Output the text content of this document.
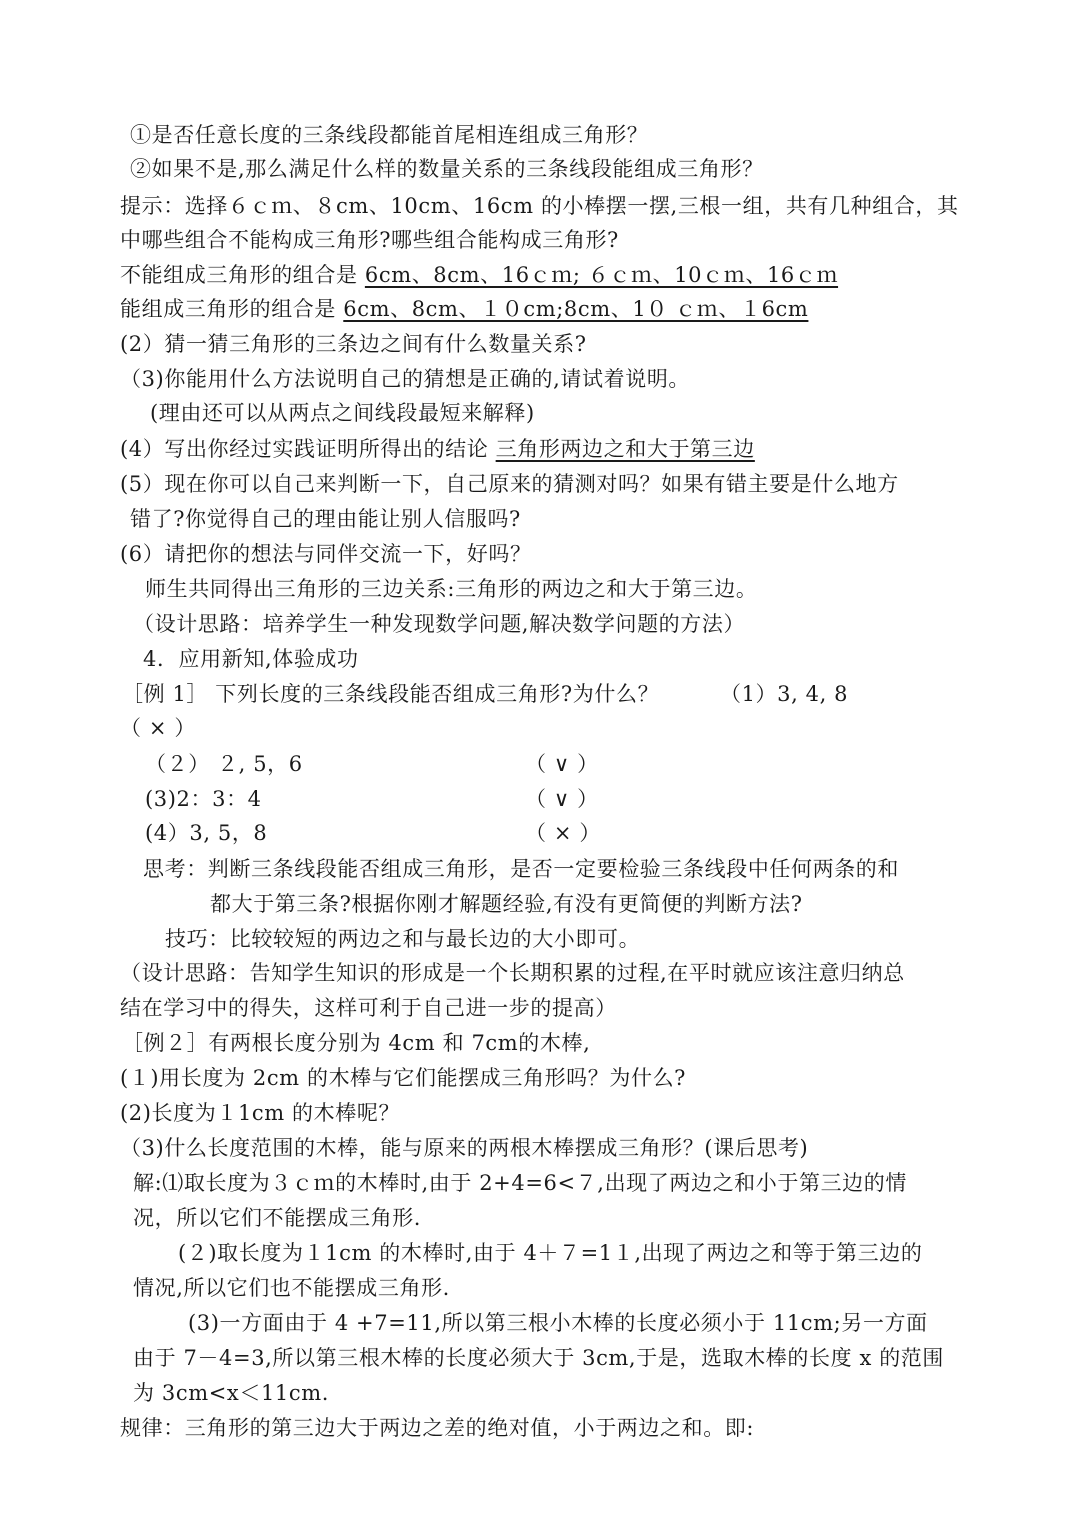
①是否任意长度的三条线段都能首尾相连组成三角形？
②如果不是,那么满足什么样的数量关系的三条线段能组成三角形？
提示：选择６ｃｍ、８cm、10cm、16cm 的小棒摆一摆,三根一组，共有几种组合，其
中哪些组合不能构成三角形?哪些组合能构成三角形?
不能组成三角形的组合是 6cm、8cm、16ｃｍ; ６ｃｍ、10ｃｍ、16ｃｍ
能组成三角形的组合是 6cm、8cm、１０cm;8cm、1０ ｃｍ、１6cm
(2）猜一猜三角形的三条边之间有什么数量关系?
（3)你能用什么方法说明自己的猜想是正确的,请试着说明。
(理由还可以从两点之间线段最短来解释)
(4）写出你经过实践证明所得出的结论 三角形两边之和大于第三边
(5）现在你可以自己来判断一下，自己原来的猜测对吗？如果有错主要是什么地方
错了?你觉得自己的理由能让别人信服吗?
(6）请把你的想法与同伴交流一下，好吗？
师生共同得出三角形的三边关系:三角形的两边之和大于第三边。
（设计思路：培养学生一种发现数学问题,解决数学问题的方法）
4．应用新知,体验成功
［例 1］ 下列长度的三条线段能否组成三角形?为什么？	（1）3, 4, 8
（ × ）
（２） ２, 5，6	（ ∨ ）
(3)2：3：4	（ ∨ ）
(4）3, 5，8	（ × ）
思考：判断三条线段能否组成三角形，是否一定要检验三条线段中任何两条的和
都大于第三条?根据你刚才解题经验,有没有更简便的判断方法?
技巧：比较较短的两边之和与最长边的大小即可。
（设计思路：告知学生知识的形成是一个长期积累的过程,在平时就应该注意归纳总
结在学习中的得失，这样可利于自己进一步的提高）
［例２］有两根长度分别为 4cm 和 7cm的木棒,
(１)用长度为 2cm 的木棒与它们能摆成三角形吗？为什么?
(2)长度为１1cm 的木棒呢？
（3)什么长度范围的木棒，能与原来的两根木棒摆成三角形？(课后思考)
解:⑴取长度为３ｃｍ的木棒时,由于 2+4=6<７,出现了两边之和小于第三边的情
况，所以它们不能摆成三角形.
(２)取长度为１1cm 的木棒时,由于 4＋７=1１,出现了两边之和等于第三边的
情况,所以它们也不能摆成三角形.
(3)一方面由于 4 +7=11,所以第三根小木棒的长度必须小于 11cm;另一方面
由于 7－4=3,所以第三根木棒的长度必须大于 3cm,于是，选取木棒的长度 x 的范围
为 3cm<x＜11cm.
规律：三角形的第三边大于两边之差的绝对值，小于两边之和。即:
